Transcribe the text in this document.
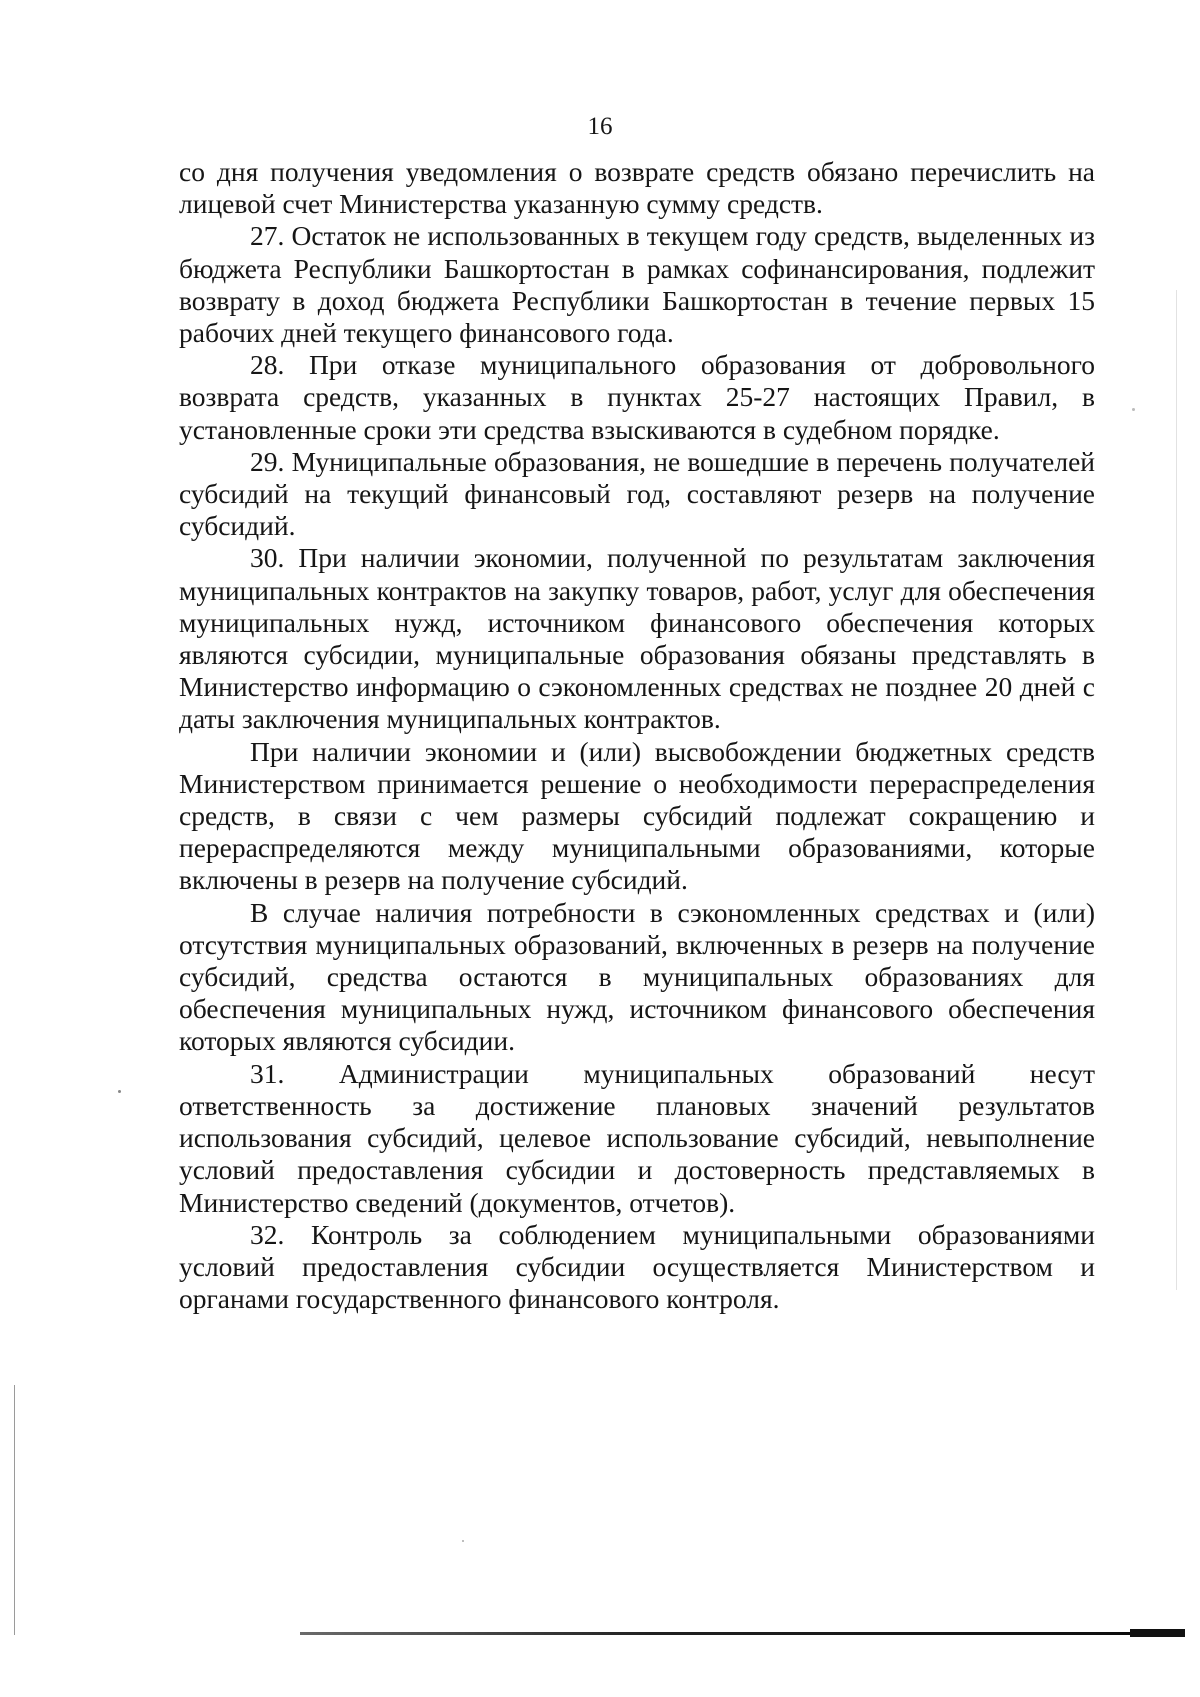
16

со дня получения уведомления о возврате средств обязано перечислить на лицевой счет Министерства указанную сумму средств.

27. Остаток не использованных в текущем году средств, выделенных из бюджета Республики Башкортостан в рамках софинансирования, подлежит возврату в доход бюджета Республики Башкортостан в течение первых 15 рабочих дней текущего финансового года.

28. При отказе муниципального образования от добровольного возврата средств, указанных в пунктах 25-27 настоящих Правил, в установленные сроки эти средства взыскиваются в судебном порядке.

29. Муниципальные образования, не вошедшие в перечень получателей субсидий на текущий финансовый год, составляют резерв на получение субсидий.

30. При наличии экономии, полученной по результатам заключения муниципальных контрактов на закупку товаров, работ, услуг для обеспечения муниципальных нужд, источником финансового обеспечения которых являются субсидии, муниципальные образования обязаны представлять в Министерство информацию о сэкономленных средствах не позднее 20 дней с даты заключения муниципальных контрактов.

При наличии экономии и (или) высвобождении бюджетных средств Министерством принимается решение о необходимости перераспределения средств, в связи с чем размеры субсидий подлежат сокращению и перераспределяются между муниципальными образованиями, которые включены в резерв на получение субсидий.

В случае наличия потребности в сэкономленных средствах и (или) отсутствия муниципальных образований, включенных в резерв на получение субсидий, средства остаются в муниципальных образованиях для обеспечения муниципальных нужд, источником финансового обеспечения которых являются субсидии.

31. Администрации муниципальных образований несут ответственность за достижение плановых значений результатов использования субсидий, целевое использование субсидий, невыполнение условий предоставления субсидии и достоверность представляемых в Министерство сведений (документов, отчетов).

32. Контроль за соблюдением муниципальными образованиями условий предоставления субсидии осуществляется Министерством и органами государственного финансового контроля.
